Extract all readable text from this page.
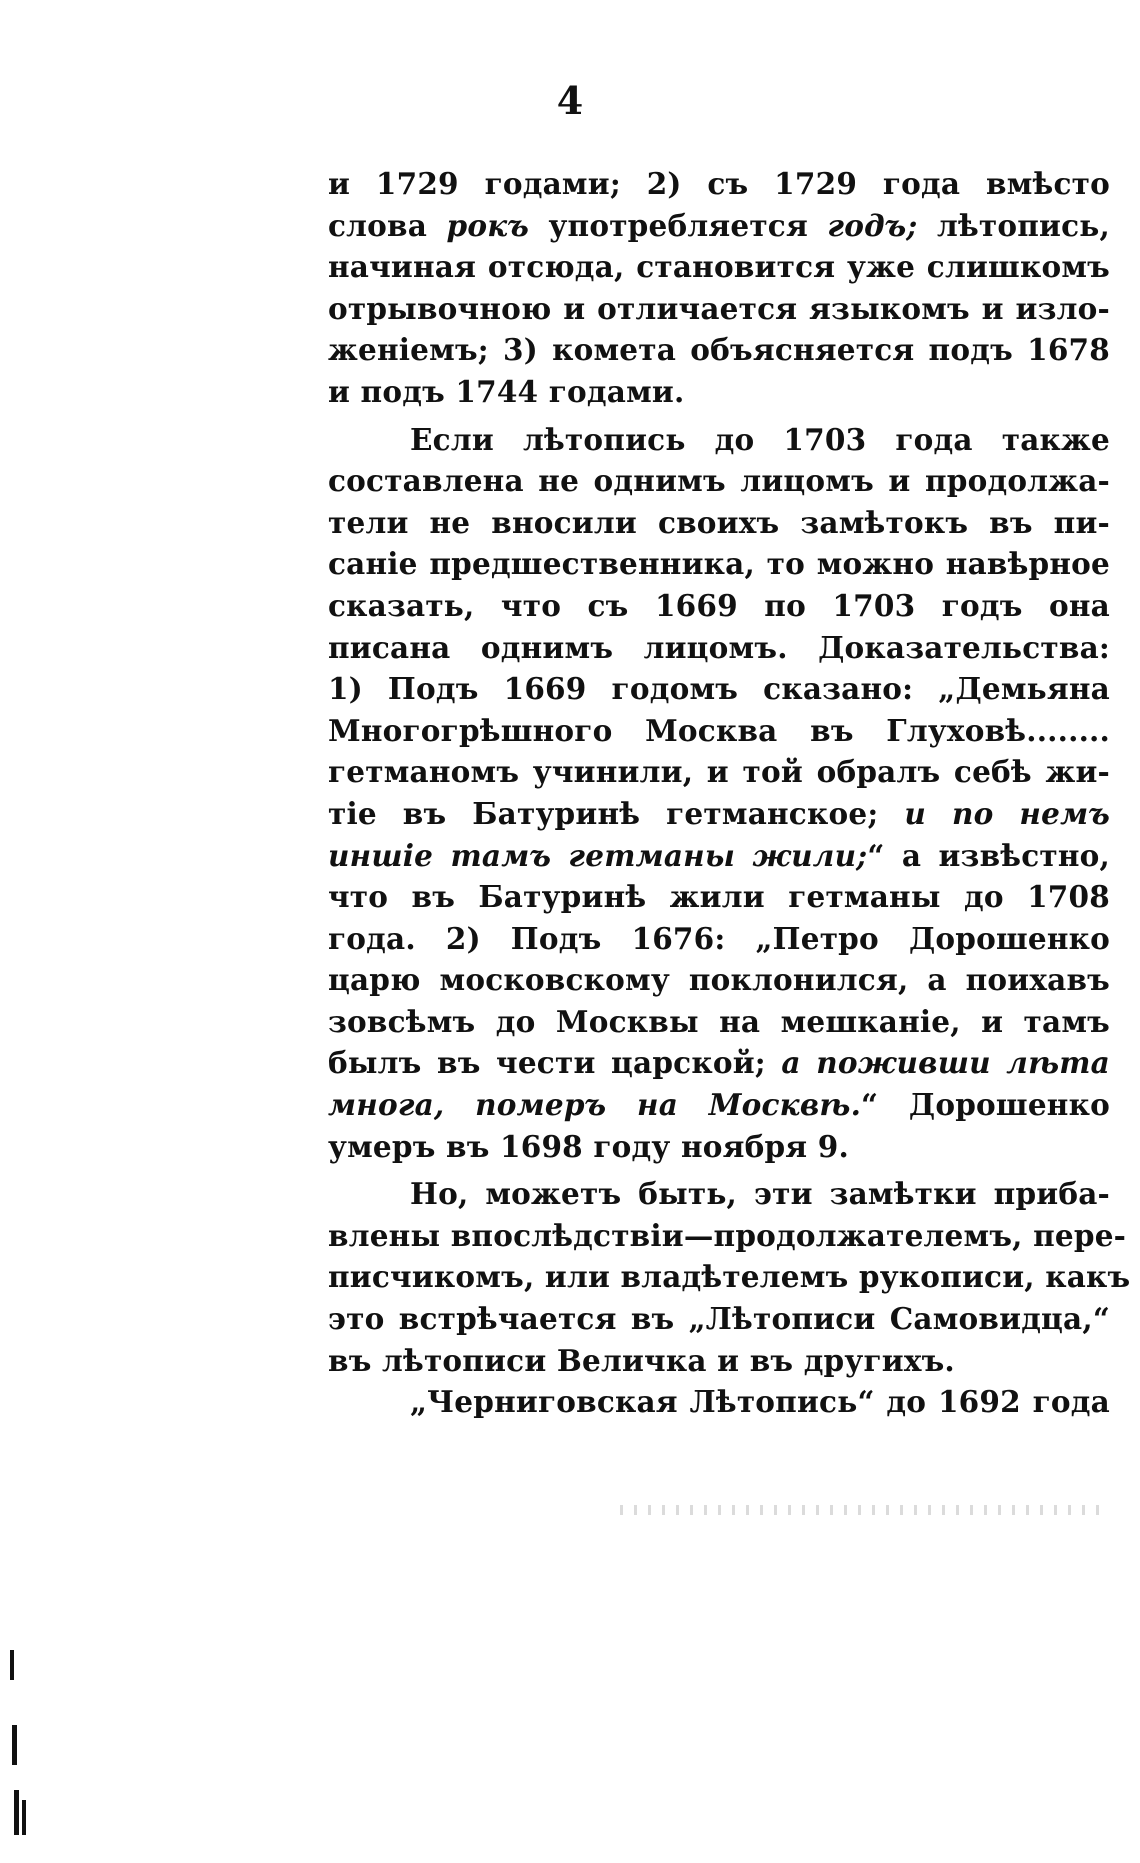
4
и 1729 годами; 2) съ 1729 года вмѣсто
слова рокъ употребляется годъ; лѣтопись,
начиная отсюда, становится уже слишкомъ
отрывочною и отличается языкомъ и изло-
женіемъ; 3) комета объясняется подъ 1678
и подъ 1744 годами.
Если лѣтопись до 1703 года также
составлена не однимъ лицомъ и продолжа-
тели не вносили своихъ замѣтокъ въ пи-
саніе предшественника, то можно навѣрное
сказать, что съ 1669 по 1703 годъ она
писана однимъ лицомъ. Доказательства:
1) Подъ 1669 годомъ сказано: „Демьяна
Многогрѣшного Москва въ Глуховѣ........
гетманомъ учинили, и той обралъ себѣ жи-
тіе въ Батуринѣ гетманское; и по немъ
иншіе тамъ гетманы жили;“ а извѣстно,
что въ Батуринѣ жили гетманы до 1708
года. 2) Подъ 1676: „Петро Дорошенко
царю московскому поклонился, а поихавъ
зовсѣмъ до Москвы на мешканіе, и тамъ
былъ въ чести царской; а поживши лѣта
многа, померъ на Москвѣ.“ Дорошенко
умеръ въ 1698 году ноября 9.
Но, можетъ быть, эти замѣтки приба-
влены впослѣдствіи—продолжателемъ, пере-
писчикомъ, или владѣтелемъ рукописи, какъ
это встрѣчается въ „Лѣтописи Самовидца,“
въ лѣтописи Величка и въ другихъ.
„Черниговская Лѣтопись“ до 1692 года
